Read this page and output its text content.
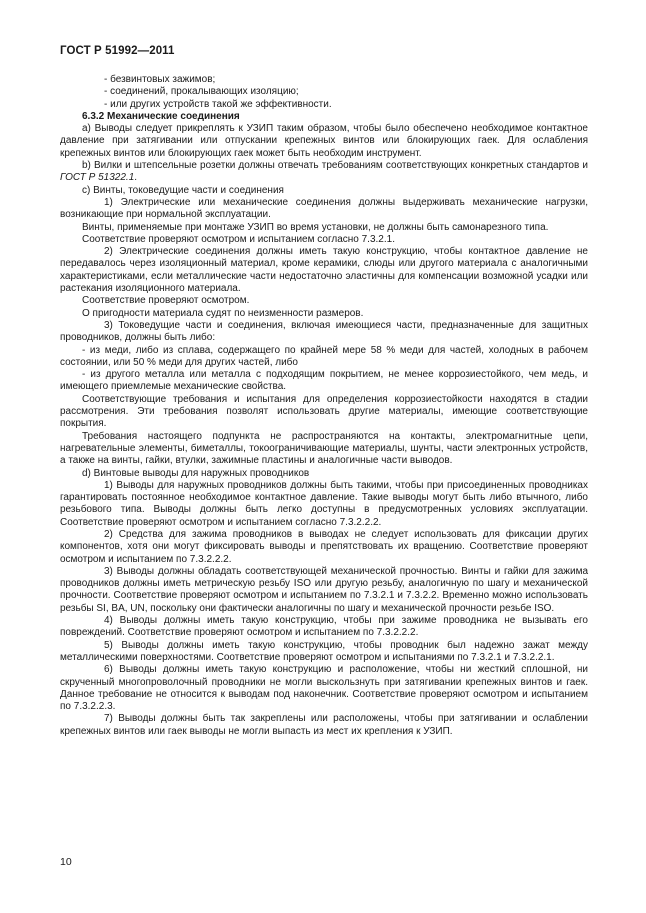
ГОСТ Р 51992—2011

- безвинтовых зажимов;

- соединений, прокалывающих изоляцию;

- или других устройств такой же эффективности.

6.3.2 Механические соединения

a) Выводы следует прикреплять к УЗИП таким образом, чтобы было обеспечено необходимое контактное давление при затягивании или отпускании крепежных винтов или блокирующих гаек. Для ослабления крепежных винтов или блокирующих гаек может быть необходим инструмент.

b) Вилки и штепсельные розетки должны отвечать требованиям соответствующих конкретных стандартов и ГОСТ Р 51322.1.

c) Винты, токоведущие части и соединения

1) Электрические или механические соединения должны выдерживать механические нагрузки, возникающие при нормальной эксплуатации.

Винты, применяемые при монтаже УЗИП во время установки, не должны быть самонарезного типа.

Соответствие проверяют осмотром и испытанием согласно 7.3.2.1.

2) Электрические соединения должны иметь такую конструкцию, чтобы контактное давление не передавалось через изоляционный материал, кроме керамики, слюды или другого материала с аналогичными характеристиками, если металлические части недостаточно эластичны для компенсации возможной усадки или растекания изоляционного материала.

Соответствие проверяют осмотром.

О пригодности материала судят по неизменности размеров.

3) Токоведущие части и соединения, включая имеющиеся части, предназначенные для защитных проводников, должны быть либо:

- из меди, либо из сплава, содержащего по крайней мере 58 % меди для частей, холодных в рабочем состоянии, или 50 % меди для других частей, либо

- из другого металла или металла с подходящим покрытием, не менее коррозиестойкого, чем медь, и имеющего приемлемые механические свойства.

Соответствующие требования и испытания для определения коррозиестойкости находятся в стадии рассмотрения. Эти требования позволят использовать другие материалы, имеющие соответствующие покрытия.

Требования настоящего подпункта не распространяются на контакты, электромагнитные цепи, нагревательные элементы, биметаллы, токоограничивающие материалы, шунты, части электронных устройств, а также на винты, гайки, втулки, зажимные пластины и аналогичные части выводов.

d) Винтовые выводы для наружных проводников

1) Выводы для наружных проводников должны быть такими, чтобы при присоединенных проводниках гарантировать постоянное необходимое контактное давление. Такие выводы могут быть либо втычного, либо резьбового типа. Выводы должны быть легко доступны в предусмотренных условиях эксплуатации. Соответствие проверяют осмотром и испытанием согласно 7.3.2.2.2.

2) Средства для зажима проводников в выводах не следует использовать для фиксации других компонентов, хотя они могут фиксировать выводы и препятствовать их вращению. Соответствие проверяют осмотром и испытанием по 7.3.2.2.2.

3) Выводы должны обладать соответствующей механической прочностью. Винты и гайки для зажима проводников должны иметь метрическую резьбу ISO или другую резьбу, аналогичную по шагу и механической прочности. Соответствие проверяют осмотром и испытанием по 7.3.2.1 и 7.3.2.2. Временно можно использовать резьбы SI, BA, UN, поскольку они фактически аналогичны по шагу и механической прочности резьбе ISO.

4) Выводы должны иметь такую конструкцию, чтобы при зажиме проводника не вызывать его повреждений. Соответствие проверяют осмотром и испытанием по 7.3.2.2.2.

5) Выводы должны иметь такую конструкцию, чтобы проводник был надежно зажат между металлическими поверхностями. Соответствие проверяют осмотром и испытаниями по 7.3.2.1 и 7.3.2.2.1.

6) Выводы должны иметь такую конструкцию и расположение, чтобы ни жесткий сплошной, ни скрученный многопроволочный проводники не могли выскользнуть при затягивании крепежных винтов и гаек. Данное требование не относится к выводам под наконечник. Соответствие проверяют осмотром и испытанием по 7.3.2.2.3.

7) Выводы должны быть так закреплены или расположены, чтобы при затягивании и ослаблении крепежных винтов или гаек выводы не могли выпасть из мест их крепления к УЗИП.

10
